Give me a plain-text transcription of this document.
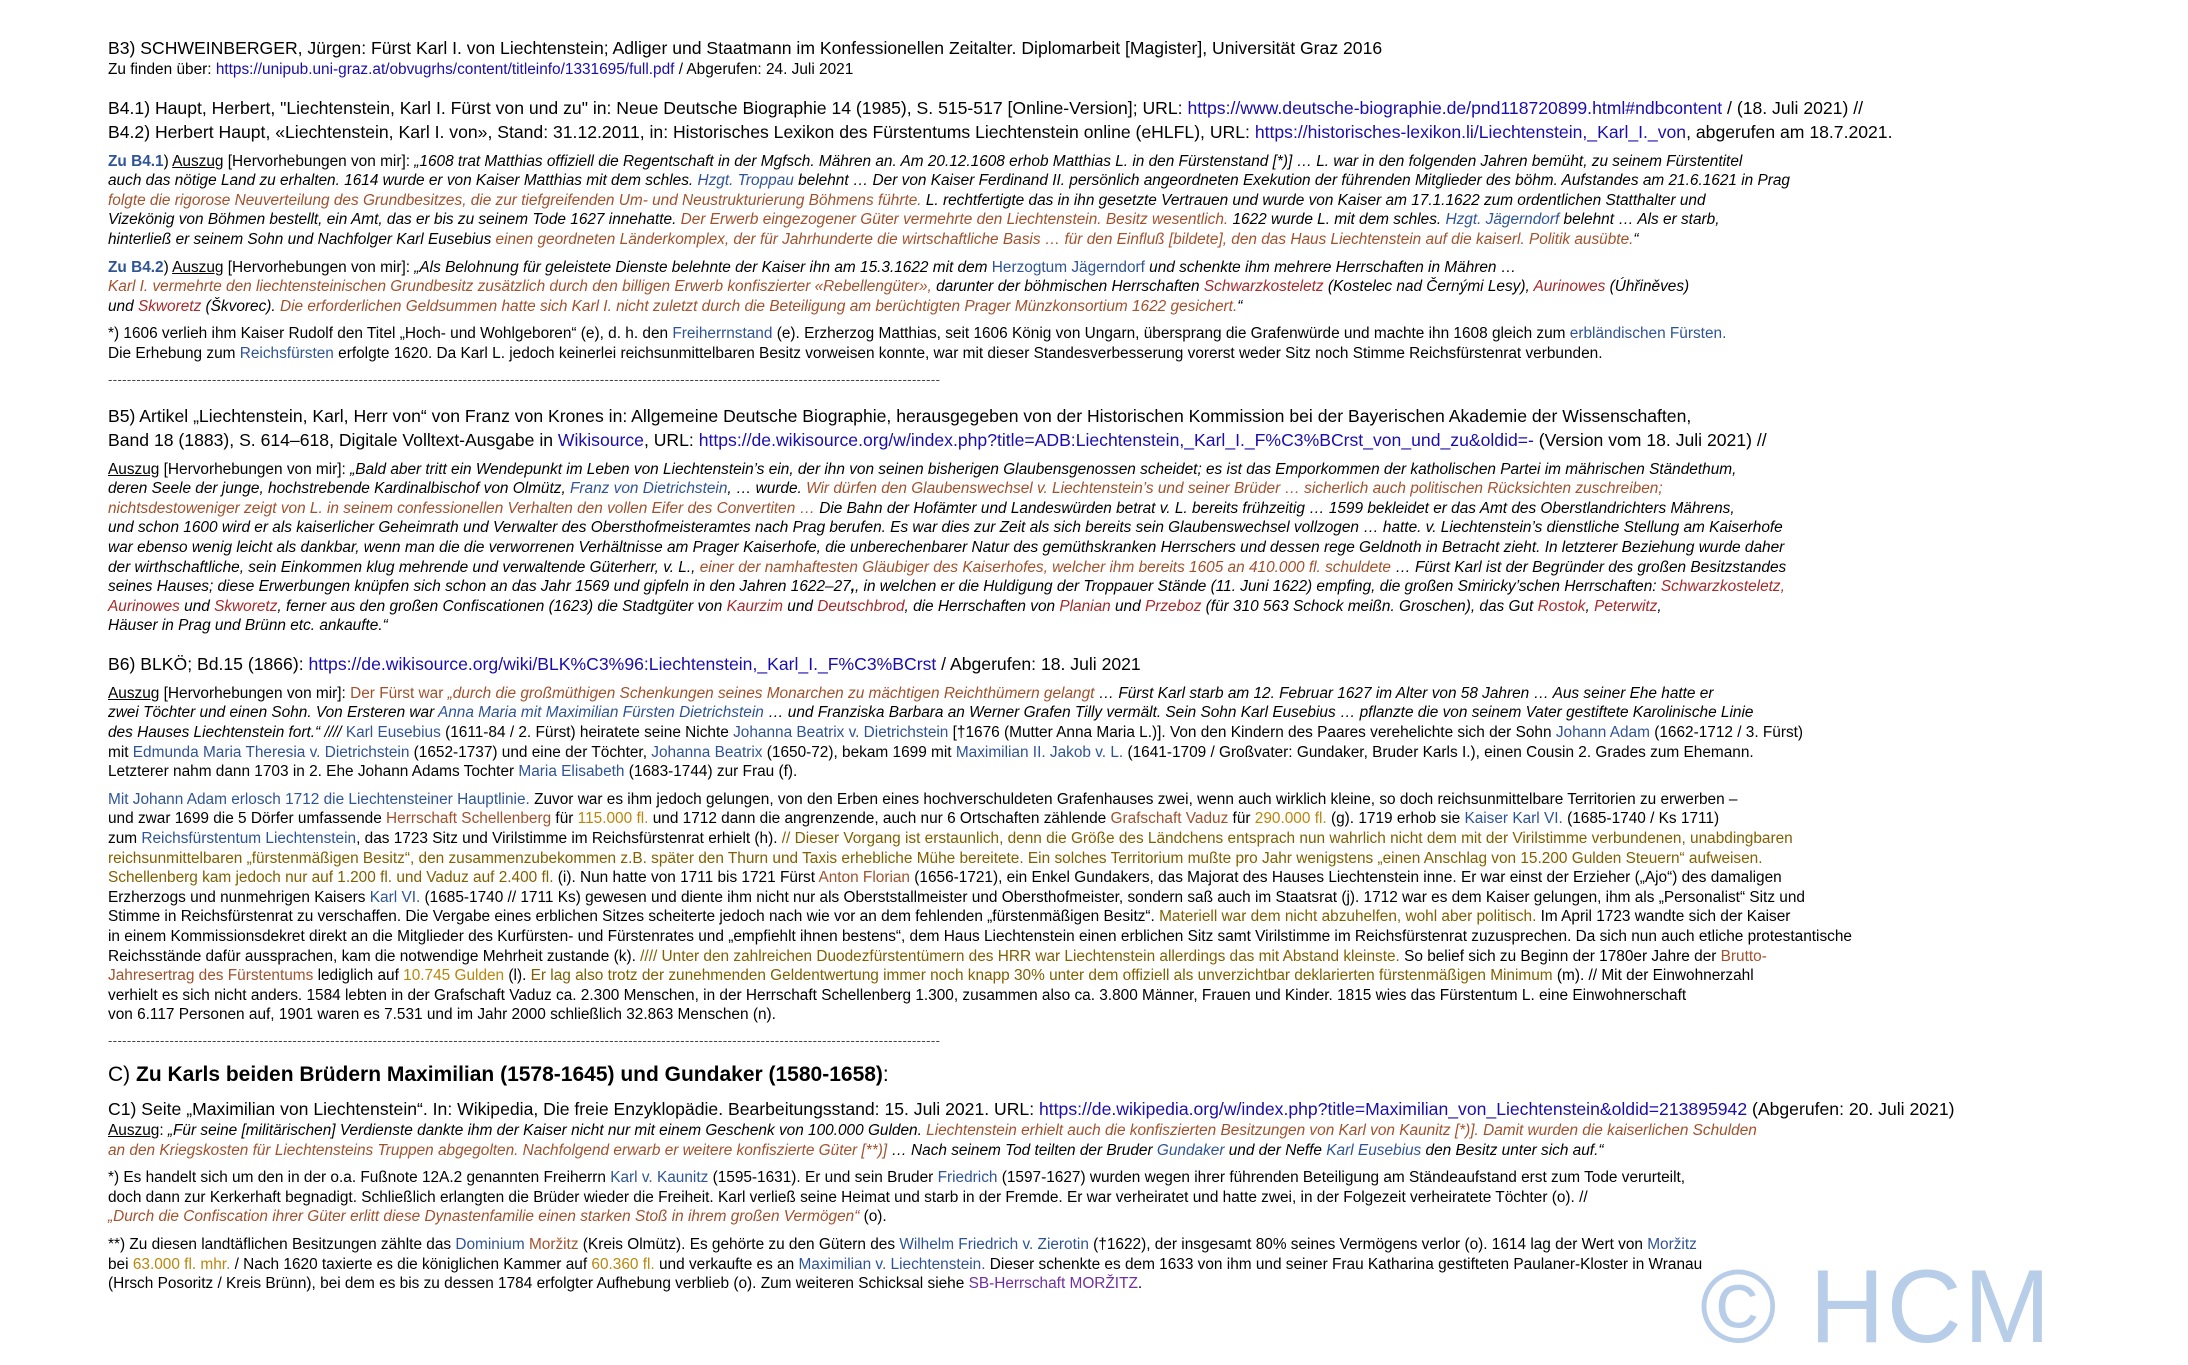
B3) SCHWEINBERGER, Jürgen: Fürst Karl I. von Liechtenstein; Adliger und Staatmann im Konfessionellen Zeitalter. Diplomarbeit [Magister], Universität Graz 2016
Zu finden über: https://unipub.uni-graz.at/obvugrhs/content/titleinfo/1331695/full.pdf / Abgerufen: 24. Juli 2021
B4.1) Haupt, Herbert, "Liechtenstein, Karl I. Fürst von und zu" in: Neue Deutsche Biographie 14 (1985), S. 515-517 [Online-Version]; URL: https://www.deutsche-biographie.de/pnd118720899.html#ndbcontent / (18. Juli 2021) //
B4.2) Herbert Haupt, «Liechtenstein, Karl I. von», Stand: 31.12.2011, in: Historisches Lexikon des Fürstentums Liechtenstein online (eHLFL), URL: https://historisches-lexikon.li/Liechtenstein,_Karl_I._von, abgerufen am 18.7.2021.
Zu B4.1) Auszug [Hervorhebungen von mir]: „1608 trat Matthias offiziell die Regentschaft in der Mgfsch. Mähren an. Am 20.12.1608 erhob Matthias L. in den Fürstenstand [*)] … L. war in den folgenden Jahren bemüht, zu seinem Fürstentitel
auch das nötige Land zu erhalten. 1614 wurde er von Kaiser Matthias mit dem schles. Hzgt. Troppau belehnt … Der von Kaiser Ferdinand II. persönlich angeordneten Exekution der führenden Mitglieder des böhm. Aufstandes am 21.6.1621 in Prag
folgte die rigorose Neuverteilung des Grundbesitzes, die zur tiefgreifenden Um- und Neustrukturierung Böhmens führte. L. rechtfertigte das in ihn gesetzte Vertrauen und wurde von Kaiser am 17.1.1622 zum ordentlichen Statthalter und
Vizekönig von Böhmen bestellt, ein Amt, das er bis zu seinem Tode 1627 innehatte. Der Erwerb eingezogener Güter vermehrte den Liechtenstein. Besitz wesentlich. 1622 wurde L. mit dem schles. Hzgt. Jägerndorf belehnt … Als er starb,
hinterließ er seinem Sohn und Nachfolger Karl Eusebius einen geordneten Länderkomplex, der für Jahrhunderte die wirtschaftliche Basis … für den Einfluß [bildete], den das Haus Liechtenstein auf die kaiserl. Politik ausübte.“
Zu B4.2) Auszug [Hervorhebungen von mir]: „Als Belohnung für geleistete Dienste belehnte der Kaiser ihn am 15.3.1622 mit dem Herzogtum Jägerndorf und schenkte ihm mehrere Herrschaften in Mähren …
Karl I. vermehrte den liechtensteinischen Grundbesitz zusätzlich durch den billigen Erwerb konfiszierter «Rebellengüter», darunter der böhmischen Herrschaften Schwarzkosteletz (Kostelec nad Černými Lesy), Aurinowes (Úhřiněves)
und Skworetz (Škvorec). Die erforderlichen Geldsummen hatte sich Karl I. nicht zuletzt durch die Beteiligung am berüchtigten Prager Münzkonsortium 1622 gesichert.“
*) 1606 verlieh ihm Kaiser Rudolf den Titel „Hoch- und Wohlgeboren“ (e), d. h. den Freiherrnstand (e). Erzherzog Matthias, seit 1606 König von Ungarn, übersprang die Grafenwürde und machte ihn 1608 gleich zum erbländischen Fürsten.
Die Erhebung zum Reichsfürsten erfolgte 1620. Da Karl L. jedoch keinerlei reichsunmittelbaren Besitz vorweisen konnte, war mit dieser Standesverbesserung vorerst weder Sitz noch Stimme Reichsfürstenrat verbunden.
--------------------------------------------------------------------------------------------------------------------------------------------------------------------------------
B5) Artikel „Liechtenstein, Karl, Herr von“ von Franz von Krones in: Allgemeine Deutsche Biographie, herausgegeben von der Historischen Kommission bei der Bayerischen Akademie der Wissenschaften,
Band 18 (1883), S. 614–618, Digitale Volltext-Ausgabe in Wikisource, URL: https://de.wikisource.org/w/index.php?title=ADB:Liechtenstein,_Karl_I._F%C3%BCrst_von_und_zu&oldid=- (Version vom 18. Juli 2021) //
Auszug [Hervorhebungen von mir]: „Bald aber tritt ein Wendepunkt im Leben von Liechtenstein’s ein, der ihn von seinen bisherigen Glaubensgenossen scheidet; es ist das Emporkommen der katholischen Partei im mährischen Ständethum,
deren Seele der junge, hochstrebende Kardinalbischof von Olmütz, Franz von Dietrichstein, … wurde. Wir dürfen den Glaubenswechsel v. Liechtenstein’s und seiner Brüder … sicherlich auch politischen Rücksichten zuschreiben;
nichtsdestoweniger zeigt von L. in seinem confessionellen Verhalten den vollen Eifer des Convertiten … Die Bahn der Hofämter und Landeswürden betrat v. L. bereits frühzeitig … 1599 bekleidet er das Amt des Oberstlandrichters Mährens,
und schon 1600 wird er als kaiserlicher Geheimrath und Verwalter des Obersthofmeisteramtes nach Prag berufen. Es war dies zur Zeit als sich bereits sein Glaubenswechsel vollzogen … hatte. v. Liechtenstein’s dienstliche Stellung am Kaiserhofe
war ebenso wenig leicht als dankbar, wenn man die die verworrenen Verhältnisse am Prager Kaiserhofe, die unberechenbarer Natur des gemüthskranken Herrschers und dessen rege Geldnoth in Betracht zieht. In letzterer Beziehung wurde daher
der wirthschaftliche, sein Einkommen klug mehrende und verwaltende Güterherr, v. L., einer der namhaftesten Gläubiger des Kaiserhofes, welcher ihm bereits 1605 an 410.000 fl. schuldete … Fürst Karl ist der Begründer des großen Besitzstandes
seines Hauses; diese Erwerbungen knüpfen sich schon an das Jahr 1569 und gipfeln in den Jahren 1622–27,, in welchen er die Huldigung der Troppauer Stände (11. Juni 1622) empfing, die großen Smiricky’schen Herrschaften: Schwarzkosteletz,
Aurinowes und Skworetz, ferner aus den großen Confiscationen (1623) die Stadtgüter von Kaurzim und Deutschbrod, die Herrschaften von Planian und Przeboz (für 310 563 Schock meißn. Groschen), das Gut Rostok, Peterwitz,
Häuser in Prag und Brünn etc. ankaufte.“
B6) BLKÖ; Bd.15 (1866): https://de.wikisource.org/wiki/BLK%C3%96:Liechtenstein,_Karl_I._F%C3%BCrst / Abgerufen: 18. Juli 2021
Auszug [Hervorhebungen von mir]: Der Fürst war „durch die großmüthigen Schenkungen seines Monarchen zu mächtigen Reichthümern gelangt … Fürst Karl starb am 12. Februar 1627 im Alter von 58 Jahren … Aus seiner Ehe hatte er
zwei Töchter und einen Sohn. Von Ersteren war Anna Maria mit Maximilian Fürsten Dietrichstein … und Franziska Barbara an Werner Grafen Tilly vermält. Sein Sohn Karl Eusebius … pflanzte die von seinem Vater gestiftete Karolinische Linie
des Hauses Liechtenstein fort.“ //// Karl Eusebius (1611-84 / 2. Fürst) heiratete seine Nichte Johanna Beatrix v. Dietrichstein [†1676 (Mutter Anna Maria L.)]. Von den Kindern des Paares verehelichte sich der Sohn Johann Adam (1662-1712 / 3. Fürst)
mit Edmunda Maria Theresia v. Dietrichstein (1652-1737) und eine der Töchter, Johanna Beatrix (1650-72), bekam 1699 mit Maximilian II. Jakob v. L. (1641-1709 / Großvater: Gundaker, Bruder Karls I.), einen Cousin 2. Grades zum Ehemann.
Letzterer nahm dann 1703 in 2. Ehe Johann Adams Tochter Maria Elisabeth (1683-1744) zur Frau (f).
Mit Johann Adam erlosch 1712 die Liechtensteiner Hauptlinie. Zuvor war es ihm jedoch gelungen, von den Erben eines hochverschuldeten Grafenhauses zwei, wenn auch wirklich kleine, so doch reichsunmittelbare Territorien zu erwerben –
und zwar 1699 die 5 Dörfer umfassende Herrschaft Schellenberg für 115.000 fl. und 1712 dann die angrenzende, auch nur 6 Ortschaften zählende Grafschaft Vaduz für 290.000 fl. (g). 1719 erhob sie Kaiser Karl VI. (1685-1740 / Ks 1711)
zum Reichsfürstentum Liechtenstein, das 1723 Sitz und Virilstimme im Reichsfürstenrat erhielt (h). // Dieser Vorgang ist erstaunlich, denn die Größe des Ländchens entsprach nun wahrlich nicht dem mit der Virilstimme verbundenen, unabdingbaren
reichsunmittelbaren „fürstenmäßigen Besitz“, den zusammenzubekommen z.B. später den Thurn und Taxis erhebliche Mühe bereitete. Ein solches Territorium mußte pro Jahr wenigstens „einen Anschlag von 15.200 Gulden Steuern“ aufweisen.
Schellenberg kam jedoch nur auf 1.200 fl. und Vaduz auf 2.400 fl. (i). Nun hatte von 1711 bis 1721 Fürst Anton Florian (1656-1721), ein Enkel Gundakers, das Majorat des Hauses Liechtenstein inne. Er war einst der Erzieher („Ajo“) des damaligen
Erzherzogs und nunmehrigen Kaisers Karl VI. (1685-1740 // 1711 Ks) gewesen und diente ihm nicht nur als Oberststallmeister und Obersthofmeister, sondern saß auch im Staatsrat (j). 1712 war es dem Kaiser gelungen, ihm als „Personalist“ Sitz und
Stimme in Reichsfürstenrat zu verschaffen. Die Vergabe eines erblichen Sitzes scheiterte jedoch nach wie vor an dem fehlenden „fürstenmäßigen Besitz“. Materiell war dem nicht abzuhelfen, wohl aber politisch. Im April 1723 wandte sich der Kaiser
in einem Kommissionsdekret direkt an die Mitglieder des Kurfürsten- und Fürstenrates und „empfiehlt ihnen bestens“, dem Haus Liechtenstein einen erblichen Sitz samt Virilstimme im Reichsfürstenrat zuzusprechen. Da sich nun auch etliche protestantische
Reichsstände dafür aussprachen, kam die notwendige Mehrheit zustande (k). //// Unter den zahlreichen Duodezfürstentümern des HRR war Liechtenstein allerdings das mit Abstand kleinste. So belief sich zu Beginn der 1780er Jahre der Brutto-
Jahresertrag des Fürstentums lediglich auf 10.745 Gulden (l). Er lag also trotz der zunehmenden Geldentwertung immer noch knapp 30% unter dem offiziell als unverzichtbar deklarierten fürstenmäßigen Minimum (m). // Mit der Einwohnerzahl
verhielt es sich nicht anders. 1584 lebten in der Grafschaft Vaduz ca. 2.300 Menschen, in der Herrschaft Schellenberg 1.300, zusammen also ca. 3.800 Männer, Frauen und Kinder. 1815 wies das Fürstentum L. eine Einwohnerschaft
von 6.117 Personen auf, 1901 waren es 7.531 und im Jahr 2000 schließlich 32.863 Menschen (n).
--------------------------------------------------------------------------------------------------------------------------------------------------------------------------------
C) Zu Karls beiden Brüdern Maximilian (1578-1645) und Gundaker (1580-1658):
C1) Seite „Maximilian von Liechtenstein“. In: Wikipedia, Die freie Enzyklopädie. Bearbeitungsstand: 15. Juli 2021. URL: https://de.wikipedia.org/w/index.php?title=Maximilian_von_Liechtenstein&oldid=213895942 (Abgerufen: 20. Juli 2021)
Auszug: „Für seine [militärischen] Verdienste dankte ihm der Kaiser nicht nur mit einem Geschenk von 100.000 Gulden. Liechtenstein erhielt auch die konfiszierten Besitzungen von Karl von Kaunitz [*)]. Damit wurden die kaiserlichen Schulden
an den Kriegskosten für Liechtensteins Truppen abgegolten. Nachfolgend erwarb er weitere konfiszierte Güter [**)] … Nach seinem Tod teilten der Bruder Gundaker und der Neffe Karl Eusebius den Besitz unter sich auf.“
*) Es handelt sich um den in der o.a. Fußnote 12A.2 genannten Freiherrn Karl v. Kaunitz (1595-1631). Er und sein Bruder Friedrich (1597-1627) wurden wegen ihrer führenden Beteiligung am Ständeaufstand erst zum Tode verurteilt,
doch dann zur Kerkerhaft begnadigt. Schließlich erlangten die Brüder wieder die Freiheit. Karl verließ seine Heimat und starb in der Fremde. Er war verheiratet und hatte zwei, in der Folgezeit verheiratete Töchter (o). //
„Durch die Confiscation ihrer Güter erlitt diese Dynastenfamilie einen starken Stoß in ihrem großen Vermögen“ (o).
**) Zu diesen landtäflichen Besitzungen zählte das Dominium Moržitz (Kreis Olmütz). Es gehörte zu den Gütern des Wilhelm Friedrich v. Zierotin (†1622), der insgesamt 80% seines Vermögens verlor (o). 1614 lag der Wert von Moržitz
bei 63.000 fl. mhr. / Nach 1620 taxierte es die königlichen Kammer auf 60.360 fl. und verkaufte es an Maximilian v. Liechtenstein. Dieser schenkte es dem 1633 von ihm und seiner Frau Katharina gestifteten Paulaner-Kloster in Wranau
(Hrsch Posoritz / Kreis Brünn), bei dem es bis zu dessen 1784 erfolgter Aufhebung verblieb (o). Zum weiteren Schicksal siehe SB-Herrschaft MORŽITZ.	© HCM
